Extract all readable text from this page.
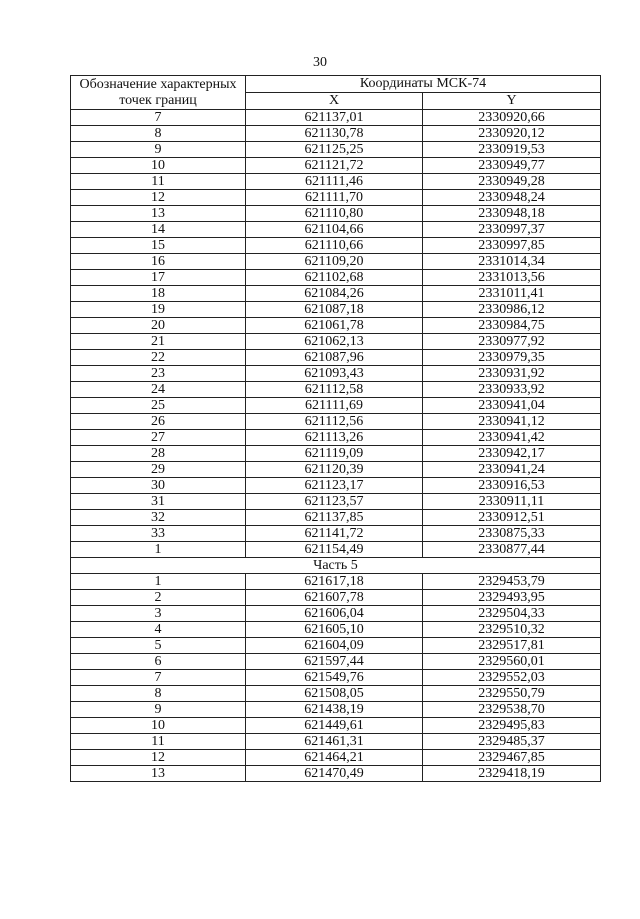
30
Обозначение характерных точек границ	Координаты МСК-74	
	X	Y
7	621137,01	2330920,66
8	621130,78	2330920,12
9	621125,25	2330919,53
10	621121,72	2330949,77
11	621111,46	2330949,28
12	621111,70	2330948,24
13	621110,80	2330948,18
14	621104,66	2330997,37
15	621110,66	2330997,85
16	621109,20	2331014,34
17	621102,68	2331013,56
18	621084,26	2331011,41
19	621087,18	2330986,12
20	621061,78	2330984,75
21	621062,13	2330977,92
22	621087,96	2330979,35
23	621093,43	2330931,92
24	621112,58	2330933,92
25	621111,69	2330941,04
26	621112,56	2330941,12
27	621113,26	2330941,42
28	621119,09	2330942,17
29	621120,39	2330941,24
30	621123,17	2330916,53
31	621123,57	2330911,11
32	621137,85	2330912,51
33	621141,72	2330875,33
1	621154,49	2330877,44
Часть 5		
1	621617,18	2329453,79
2	621607,78	2329493,95
3	621606,04	2329504,33
4	621605,10	2329510,32
5	621604,09	2329517,81
6	621597,44	2329560,01
7	621549,76	2329552,03
8	621508,05	2329550,79
9	621438,19	2329538,70
10	621449,61	2329495,83
11	621461,31	2329485,37
12	621464,21	2329467,85
13	621470,49	2329418,19
